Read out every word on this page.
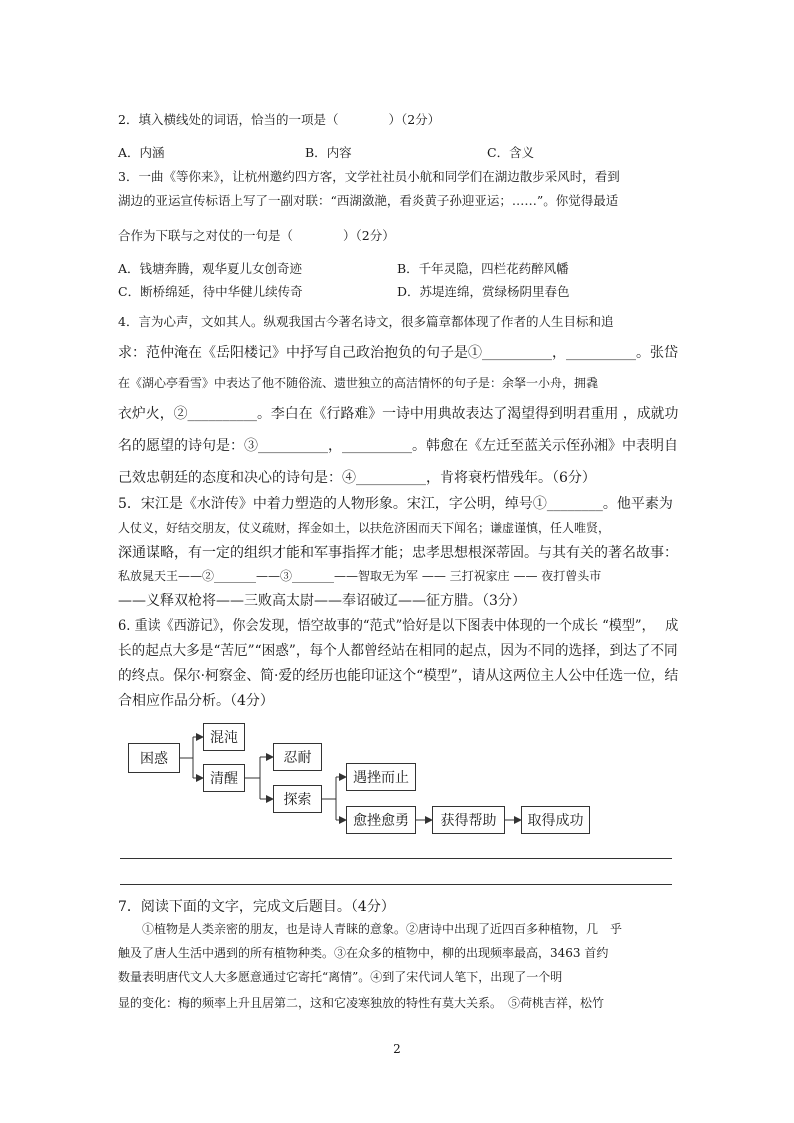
2．填入横线处的词语，恰当的一项是（　　　　）（2分）
A．内涵	B．内容	C．含义
3．一曲《等你来》，让杭州邀约四方客，文学社社员小航和同学们在湖边散步采风时，看到
湖边的亚运宣传标语上写了一副对联：“西湖潋滟，看炎黄子孙迎亚运；……”。你觉得最适
合作为下联与之对仗的一句是（　　　　）（2分）
A．钱塘奔腾，观华夏儿女创奇迹	B．千年灵隐，四栏花药醉风幡
C．断桥绵延，待中华健儿续传奇	D．苏堤连绵，赏绿杨阴里春色
4．言为心声，文如其人。纵观我国古今著名诗文，很多篇章都体现了作者的人生目标和追
求：范仲淹在《岳阳楼记》中抒写自己政治抱负的句子是①__________，__________。张岱
在《湖心亭看雪》中表达了他不随俗流、遗世独立的高洁情怀的句子是：余拏一小舟，拥毳
衣炉火，②__________。李白在《行路难》一诗中用典故表达了渴望得到明君重用 ，成就功
名的愿望的诗句是：③__________，__________。韩愈在《左迁至蓝关示侄孙湘》中表明自
己效忠朝廷的态度和决心的诗句是：④__________，肯将衰朽惜残年。（6分）
5．宋江是《水浒传》中着力塑造的人物形象。宋江，字公明，绰号①________。他平素为
人仗义，好结交朋友，仗义疏财，挥金如土，以扶危济困而天下闻名；谦虚谨慎，任人唯贤，
深通谋略，有一定的组织才能和军事指挥才能；忠孝思想根深蒂固。与其有关的著名故事：
私放晁天王——②_______——③_______——智取无为军 —— 三打祝家庄 —— 夜打曾头市
——义释双枪将——三败高太尉——奉诏破辽——征方腊。（3分）
6. 重读《西游记》，你会发现，悟空故事的“范式”恰好是以下图表中体现的一个成长 “模型”，　 成
长的起点大多是“苦厄”“困惑”，每个人都曾经站在相同的起点，因为不同的选择，到达了不同
的终点。保尔·柯察金、简·爱的经历也能印证这个“模型”，请从这两位主人公中任选一位，结
合相应作品分析。（4分）
困惑
混沌
清醒
忍耐
探索
遇挫而止
愈挫愈勇	获得帮助	取得成功
7．阅读下面的文字，完成文后题目。（4分）
　　①植物是人类亲密的朋友，也是诗人青睐的意象。②唐诗中出现了近四百多种植物，几　乎
触及了唐人生活中遇到的所有植物种类。③在众多的植物中，柳的出现频率最高，3463 首约
数量表明唐代文人大多愿意通过它寄托“离情”。④到了宋代词人笔下，出现了一个明
显的变化：梅的频率上升且居第二，这和它凌寒独放的特性有莫大关系。　⑤荷桃吉祥，松竹
2
